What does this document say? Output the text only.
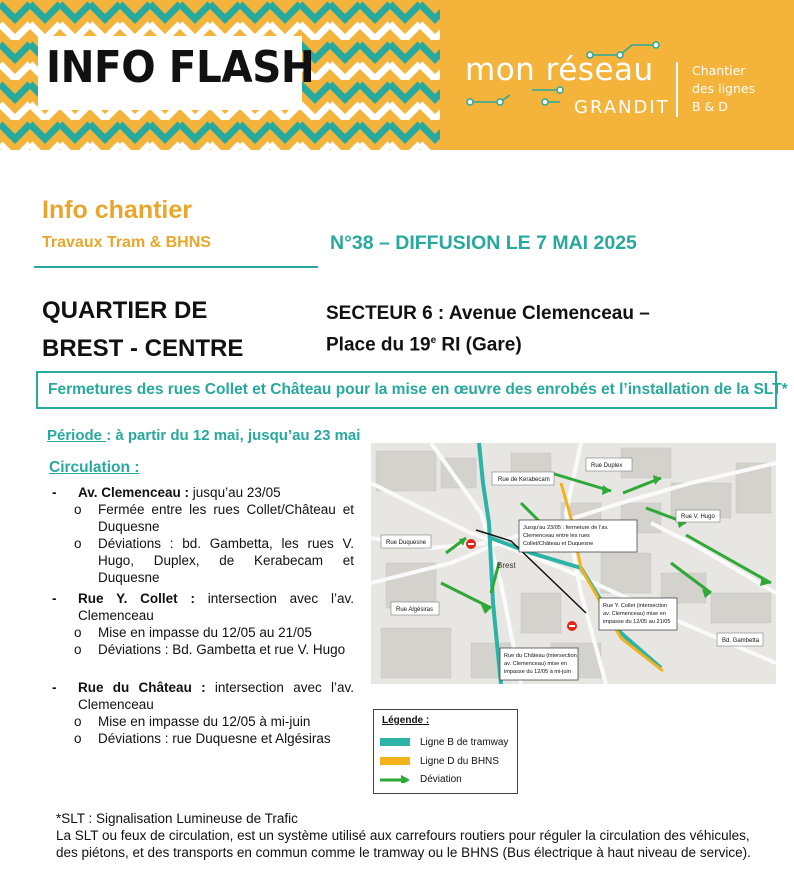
INFO FLASH	mon réseau
GRANDIT
Chantier
des lignes
B & D
Info chantier
Travaux Tram & BHNS	N°38 – DIFFUSION LE 7 MAI 2025
QUARTIER DE
BREST - CENTRE
SECTEUR 6 : Avenue Clemenceau –
Place du 19e RI (Gare)
Fermetures des rues Collet et Château pour la mise en œuvre des enrobés et l’installation de la SLT*
Période : à partir du 12 mai, jusqu’au 23 mai
Circulation :
- Av. Clemenceau : jusqu’au 23/05
o Fermée entre les rues Collet/Château et Duquesne
o Déviations : bd. Gambetta, les rues V. Hugo, Duplex, de Kerabecam et Duquesne
- Rue Y. Collet : intersection avec l’av. Clemenceau
o Mise en impasse du 12/05 au 21/05
o Déviations : Bd. Gambetta et rue V. Hugo
- Rue du Château : intersection avec l’av. Clemenceau
o Mise en impasse du 12/05 à mi-juin
o Déviations : rue Duquesne et Algésiras
Rue de Kerabecam
Rue Duplex
Rue V. Hugo
Rue Duquesne
Rue Algésiras
Bd. Gambetta
Brest
Jusqu’au 23/05 : fermeture de l’av.
Clemenceau entre les rues
Collet/Château et Duquesne
Rue Y. Collet (intersection
av. Clemenceau) mise en
impasse du 12/05 au 21/05
Rue du Château (intersection
av. Clemenceau) mise en
impasse du 12/05 à mi-juin
Légende :
Ligne B de tramway
Ligne D du BHNS
Déviation
*SLT : Signalisation Lumineuse de Trafic
La SLT ou feux de circulation, est un système utilisé aux carrefours routiers pour réguler la circulation des véhicules,
des piétons, et des transports en commun comme le tramway ou le BHNS (Bus électrique à haut niveau de service).
